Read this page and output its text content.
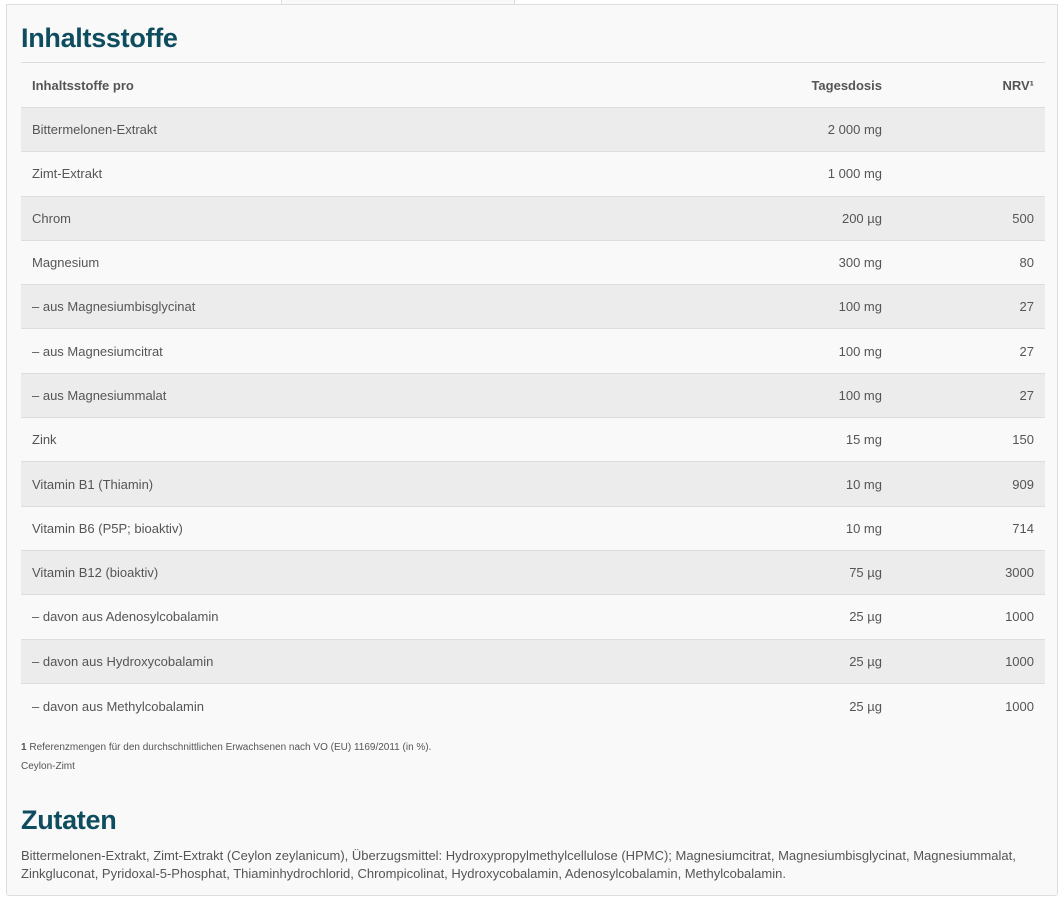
Inhaltsstoffe
Inhaltsstoffe pro	Tagesdosis	NRV¹
Bittermelonen-Extrakt	2 000 mg
Zimt-Extrakt	1 000 mg
Chrom	200 µg	500
Magnesium	300 mg	80
– aus Magnesiumbisglycinat	100 mg	27
– aus Magnesiumcitrat	100 mg	27
– aus Magnesiummalat	100 mg	27
Zink	15 mg	150
Vitamin B1 (Thiamin)	10 mg	909
Vitamin B6 (P5P; bioaktiv)	10 mg	714
Vitamin B12 (bioaktiv)	75 µg	3000
– davon aus Adenosylcobalamin	25 µg	1000
– davon aus Hydroxycobalamin	25 µg	1000
– davon aus Methylcobalamin	25 µg	1000
1 Referenzmengen für den durchschnittlichen Erwachsenen nach VO (EU) 1169/2011 (in %).
Ceylon-Zimt
Zutaten
Bittermelonen-Extrakt, Zimt-Extrakt (Ceylon zeylanicum), Überzugsmittel: Hydroxypropylmethylcellulose (HPMC); Magnesiumcitrat, Magnesiumbisglycinat, Magnesiummalat, Zinkgluconat, Pyridoxal-5-Phosphat, Thiaminhydrochlorid, Chrompicolinat, Hydroxycobalamin, Adenosylcobalamin, Methylcobalamin.
